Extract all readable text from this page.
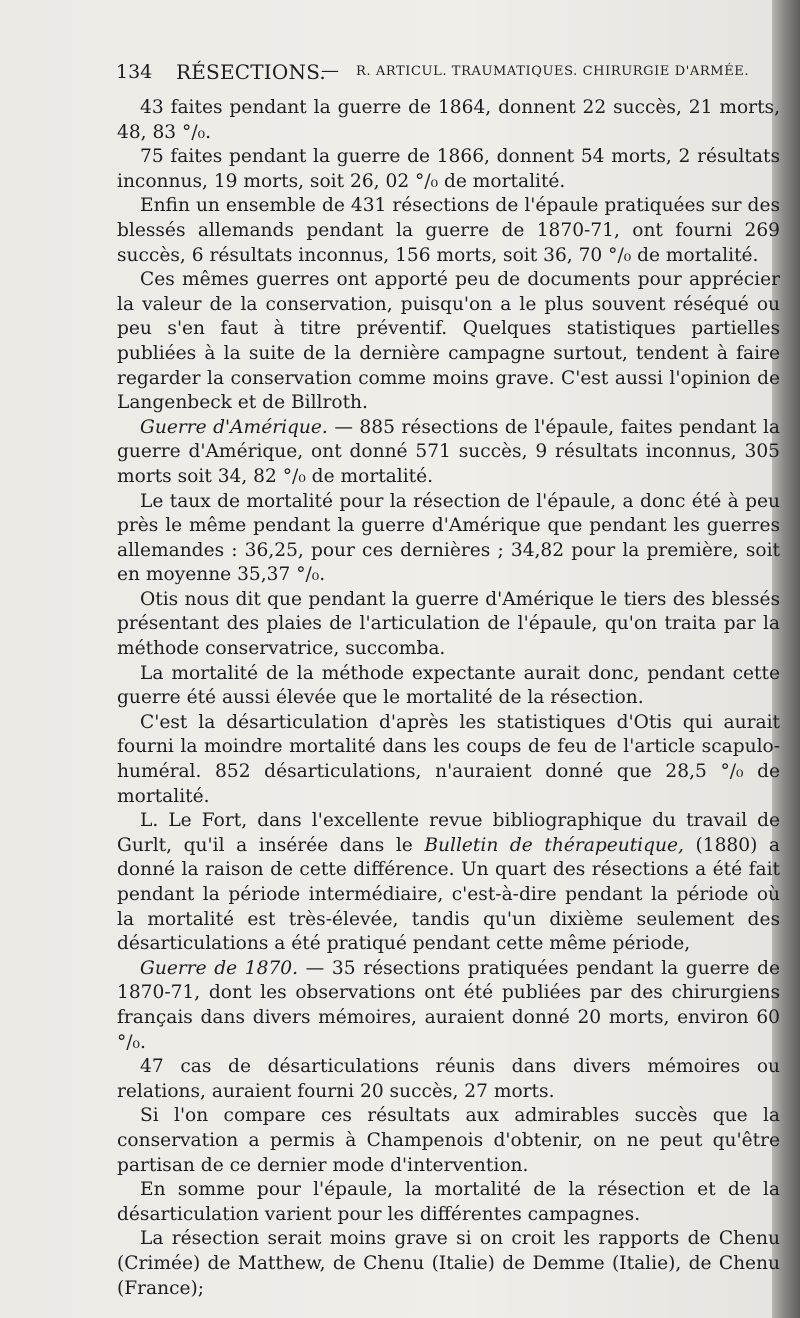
134 RÉSECTIONS.
— R. ARTICUL. TRAUMATIQUES. CHIRURGIE D'ARMÉE.

43 faites pendant la guerre de 1864, donnent 22 succès, 21 morts, 48, 83 °/₀.

75 faites pendant la guerre de 1866, donnent 54 morts, 2 résultats inconnus, 19 morts, soit 26, 02 °/₀ de mortalité.

Enfin un ensemble de 431 résections de l'épaule pratiquées sur des blessés allemands pendant la guerre de 1870-71, ont fourni 269 succès, 6 résultats inconnus, 156 morts, soit 36, 70 °/₀ de mortalité.

Ces mêmes guerres ont apporté peu de documents pour apprécier la valeur de la conservation, puisqu'on a le plus souvent réséqué ou peu s'en faut à titre préventif. Quelques statistiques partielles publiées à la suite de la dernière campagne surtout, tendent à faire regarder la conservation comme moins grave. C'est aussi l'opinion de Langenbeck et de Billroth.

Guerre d'Amérique. — 885 résections de l'épaule, faites pendant la guerre d'Amérique, ont donné 571 succès, 9 résultats inconnus, 305 morts soit 34, 82 °/₀ de mortalité.

Le taux de mortalité pour la résection de l'épaule, a donc été à peu près le même pendant la guerre d'Amérique que pendant les guerres allemandes : 36,25, pour ces dernières ; 34,82 pour la première, soit en moyenne 35,37 °/₀.

Otis nous dit que pendant la guerre d'Amérique le tiers des blessés présentant des plaies de l'articulation de l'épaule, qu'on traita par la méthode conservatrice, succomba.

La mortalité de la méthode expectante aurait donc, pendant cette guerre été aussi élevée que le mortalité de la résection.

C'est la désarticulation d'après les statistiques d'Otis qui aurait fourni la moindre mortalité dans les coups de feu de l'article scapulo-huméral. 852 désarticulations, n'auraient donné que 28,5 °/₀ de mortalité.

L. Le Fort, dans l'excellente revue bibliographique du travail de Gurlt, qu'il a insérée dans le Bulletin de thérapeutique, (1880) a donné la raison de cette différence. Un quart des résections a été fait pendant la période intermédiaire, c'est-à-dire pendant la période où la mortalité est très-élevée, tandis qu'un dixième seulement des désarticulations a été pratiqué pendant cette même période,

Guerre de 1870. — 35 résections pratiquées pendant la guerre de 1870-71, dont les observations ont été publiées par des chirurgiens français dans divers mémoires, auraient donné 20 morts, environ 60 °/₀.

47 cas de désarticulations réunis dans divers mémoires ou relations, auraient fourni 20 succès, 27 morts.

Si l'on compare ces résultats aux admirables succès que la conservation a permis à Champenois d'obtenir, on ne peut qu'être partisan de ce dernier mode d'intervention.

En somme pour l'épaule, la mortalité de la résection et de la désarticulation varient pour les différentes campagnes.

La résection serait moins grave si on croit les rapports de Chenu (Crimée) de Matthew, de Chenu (Italie) de Demme (Italie), de Chenu (France);
